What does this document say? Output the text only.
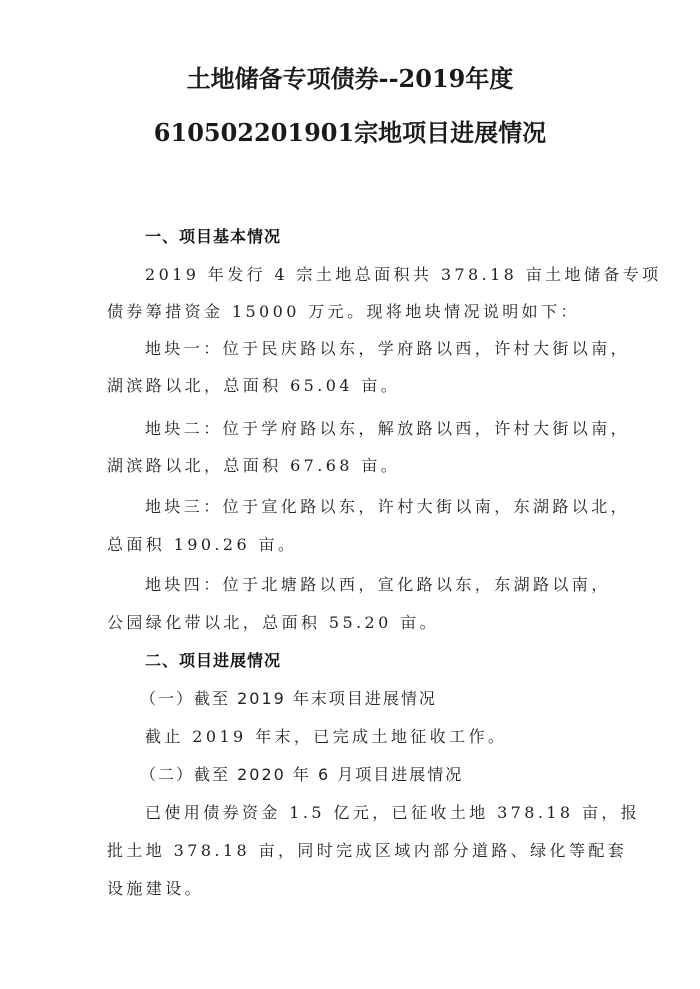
土地储备专项债券--2019年度
610502201901宗地项目进展情况
一、项目基本情况
2019 年发行 4 宗土地总面积共 378.18 亩土地储备专项
债券筹措资金 15000 万元。现将地块情况说明如下：
地块一：位于民庆路以东，学府路以西，许村大街以南，
湖滨路以北，总面积 65.04 亩。
地块二：位于学府路以东，解放路以西，许村大街以南，
湖滨路以北，总面积 67.68 亩。
地块三：位于宣化路以东，许村大街以南，东湖路以北，
总面积 190.26 亩。
地块四：位于北塘路以西，宣化路以东，东湖路以南，
公园绿化带以北，总面积 55.20 亩。
二、项目进展情况
（一）截至 2019 年末项目进展情况
截止 2019 年末，已完成土地征收工作。
（二）截至 2020 年 6 月项目进展情况
已使用债券资金 1.5 亿元，已征收土地 378.18 亩，报
批土地 378.18 亩，同时完成区域内部分道路、绿化等配套
设施建设。
